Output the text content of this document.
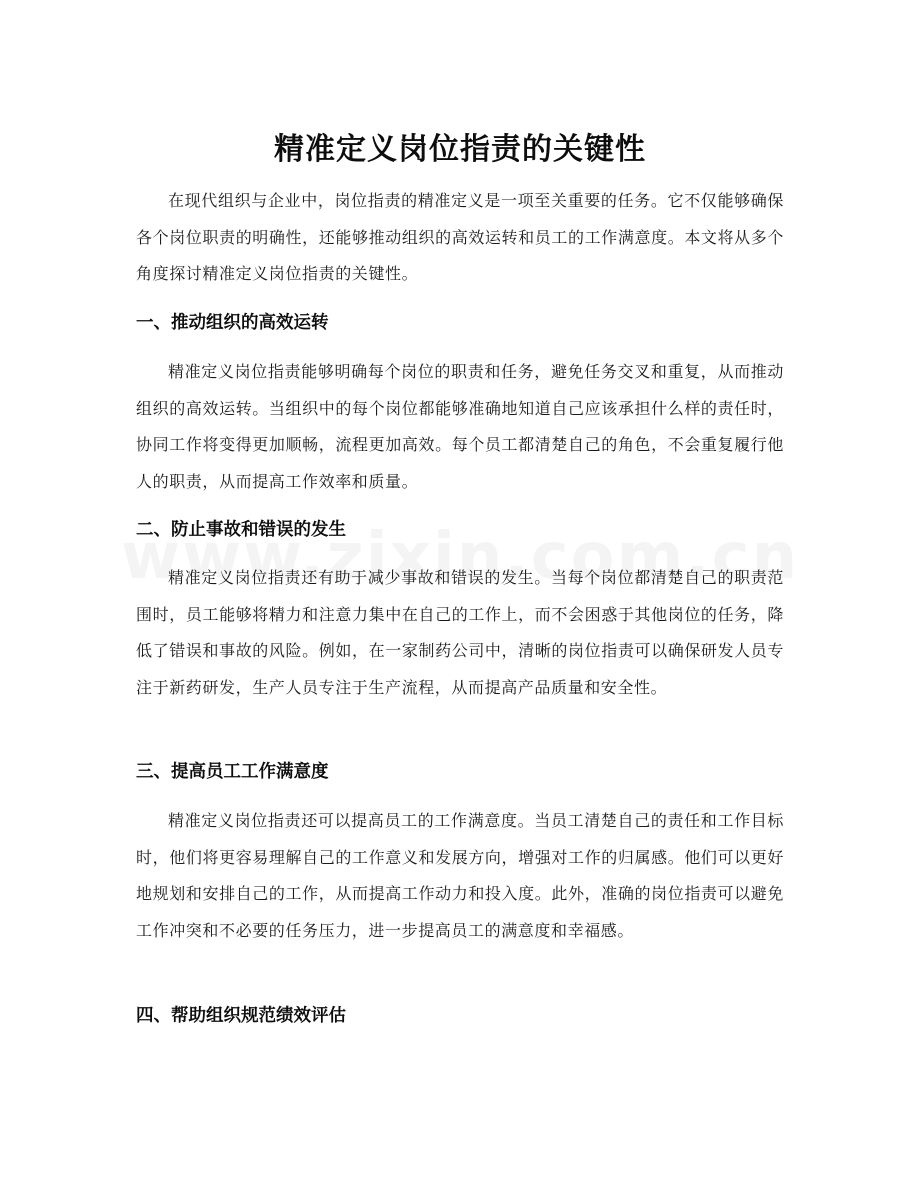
精准定义岗位指责的关键性

在现代组织与企业中，岗位指责的精准定义是一项至关重要的任务。它不仅能够确保各个岗位职责的明确性，还能够推动组织的高效运转和员工的工作满意度。本文将从多个角度探讨精准定义岗位指责的关键性。

一、推动组织的高效运转

精准定义岗位指责能够明确每个岗位的职责和任务，避免任务交叉和重复，从而推动组织的高效运转。当组织中的每个岗位都能够准确地知道自己应该承担什么样的责任时，协同工作将变得更加顺畅，流程更加高效。每个员工都清楚自己的角色，不会重复履行他人的职责，从而提高工作效率和质量。

二、防止事故和错误的发生

精准定义岗位指责还有助于减少事故和错误的发生。当每个岗位都清楚自己的职责范围时，员工能够将精力和注意力集中在自己的工作上，而不会困惑于其他岗位的任务，降低了错误和事故的风险。例如，在一家制药公司中，清晰的岗位指责可以确保研发人员专注于新药研发，生产人员专注于生产流程，从而提高产品质量和安全性。

三、提高员工工作满意度

精准定义岗位指责还可以提高员工的工作满意度。当员工清楚自己的责任和工作目标时，他们将更容易理解自己的工作意义和发展方向，增强对工作的归属感。他们可以更好地规划和安排自己的工作，从而提高工作动力和投入度。此外，准确的岗位指责可以避免工作冲突和不必要的任务压力，进一步提高员工的满意度和幸福感。

四、帮助组织规范绩效评估
